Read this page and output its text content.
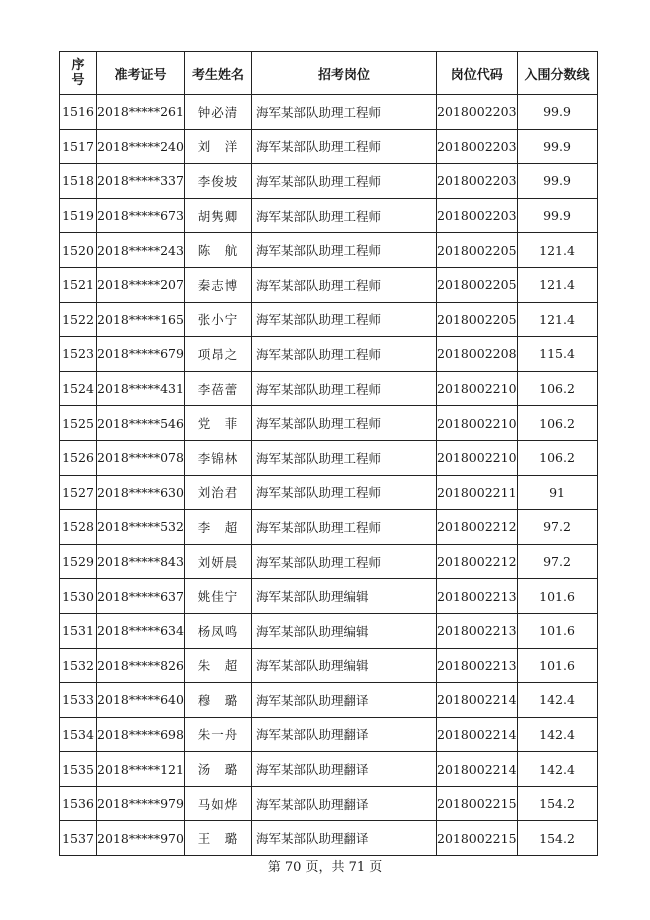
序
号	准考证号	考生姓名	招考岗位	岗位代码	入围分数线
1516	2018*****261	钟必清	海军某部队助理工程师	2018002203	99.9
1517	2018*****240	刘　洋	海军某部队助理工程师	2018002203	99.9
1518	2018*****337	李俊坡	海军某部队助理工程师	2018002203	99.9
1519	2018*****673	胡隽卿	海军某部队助理工程师	2018002203	99.9
1520	2018*****243	陈　航	海军某部队助理工程师	2018002205	121.4
1521	2018*****207	秦志博	海军某部队助理工程师	2018002205	121.4
1522	2018*****165	张小宁	海军某部队助理工程师	2018002205	121.4
1523	2018*****679	项昂之	海军某部队助理工程师	2018002208	115.4
1524	2018*****431	李蓓蕾	海军某部队助理工程师	2018002210	106.2
1525	2018*****546	党　菲	海军某部队助理工程师	2018002210	106.2
1526	2018*****078	李锦林	海军某部队助理工程师	2018002210	106.2
1527	2018*****630	刘治君	海军某部队助理工程师	2018002211	91
1528	2018*****532	李　超	海军某部队助理工程师	2018002212	97.2
1529	2018*****843	刘妍晨	海军某部队助理工程师	2018002212	97.2
1530	2018*****637	姚佳宁	海军某部队助理编辑	2018002213	101.6
1531	2018*****634	杨凤鸣	海军某部队助理编辑	2018002213	101.6
1532	2018*****826	朱　超	海军某部队助理编辑	2018002213	101.6
1533	2018*****640	穆　璐	海军某部队助理翻译	2018002214	142.4
1534	2018*****698	朱一舟	海军某部队助理翻译	2018002214	142.4
1535	2018*****121	汤　璐	海军某部队助理翻译	2018002214	142.4
1536	2018*****979	马如烨	海军某部队助理翻译	2018002215	154.2
1537	2018*****970	王　璐	海军某部队助理翻译	2018002215	154.2
第 70 页，共 71 页
